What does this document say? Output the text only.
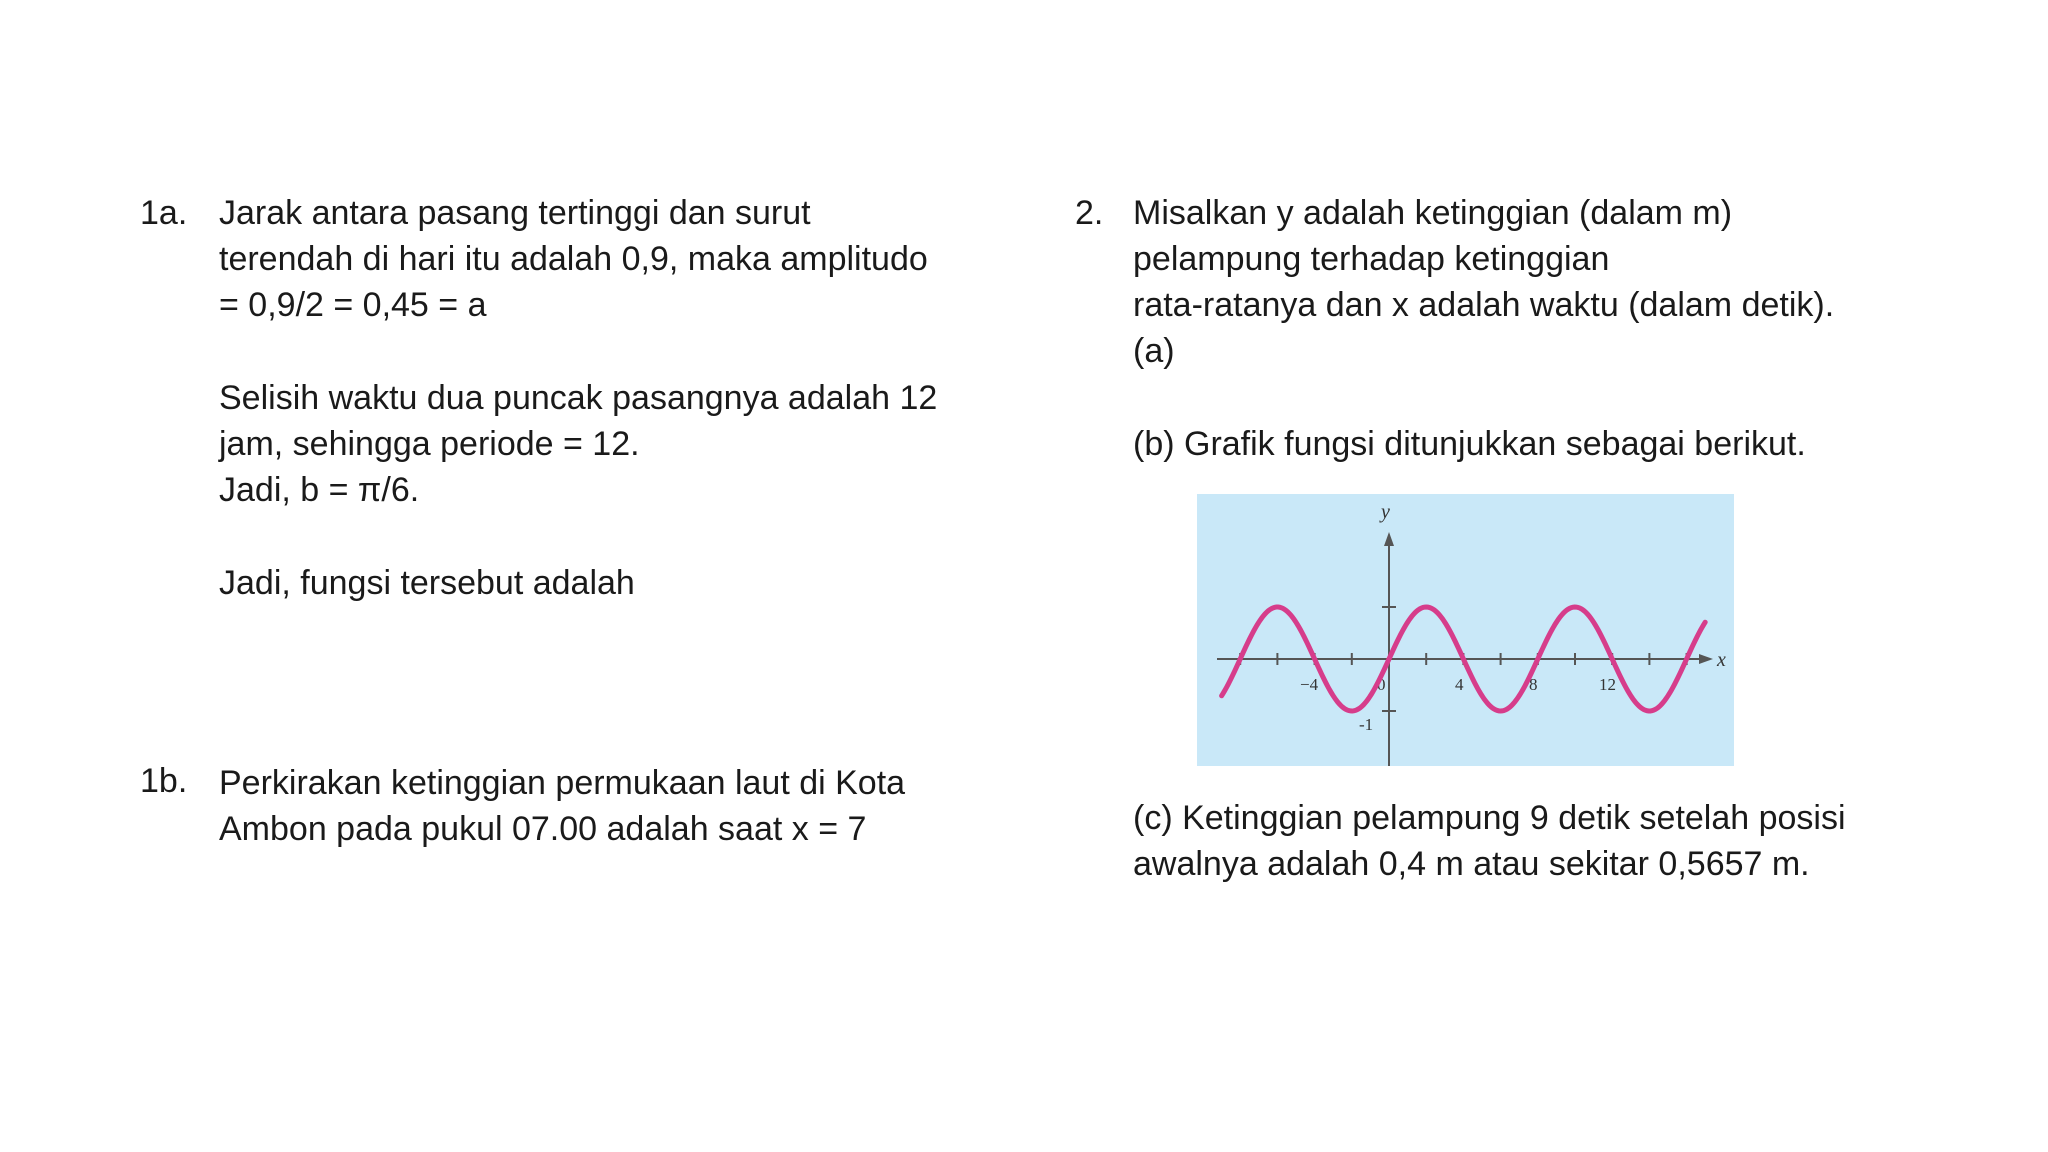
1a. Jarak antara pasang tertinggi dan surut
terendah di hari itu adalah 0,9, maka amplitudo
= 0,9/2 = 0,45 = a
Selisih waktu dua puncak pasangnya adalah 12
jam, sehingga periode = 12.
Jadi, b = π/6.
Jadi, fungsi tersebut adalah
1b. Perkirakan ketinggian permukaan laut di Kota
Ambon pada pukul 07.00 adalah saat x = 7
2. Misalkan y adalah ketinggian (dalam m)
pelampung terhadap ketinggian
rata-ratanya dan x adalah waktu (dalam detik).
(a)
(b) Grafik fungsi ditunjukkan sebagai berikut.
(c) Ketinggian pelampung 9 detik setelah posisi
awalnya adalah 0,4 m atau sekitar 0,5657 m.
x
y
−4	0	4	8	12
-1
